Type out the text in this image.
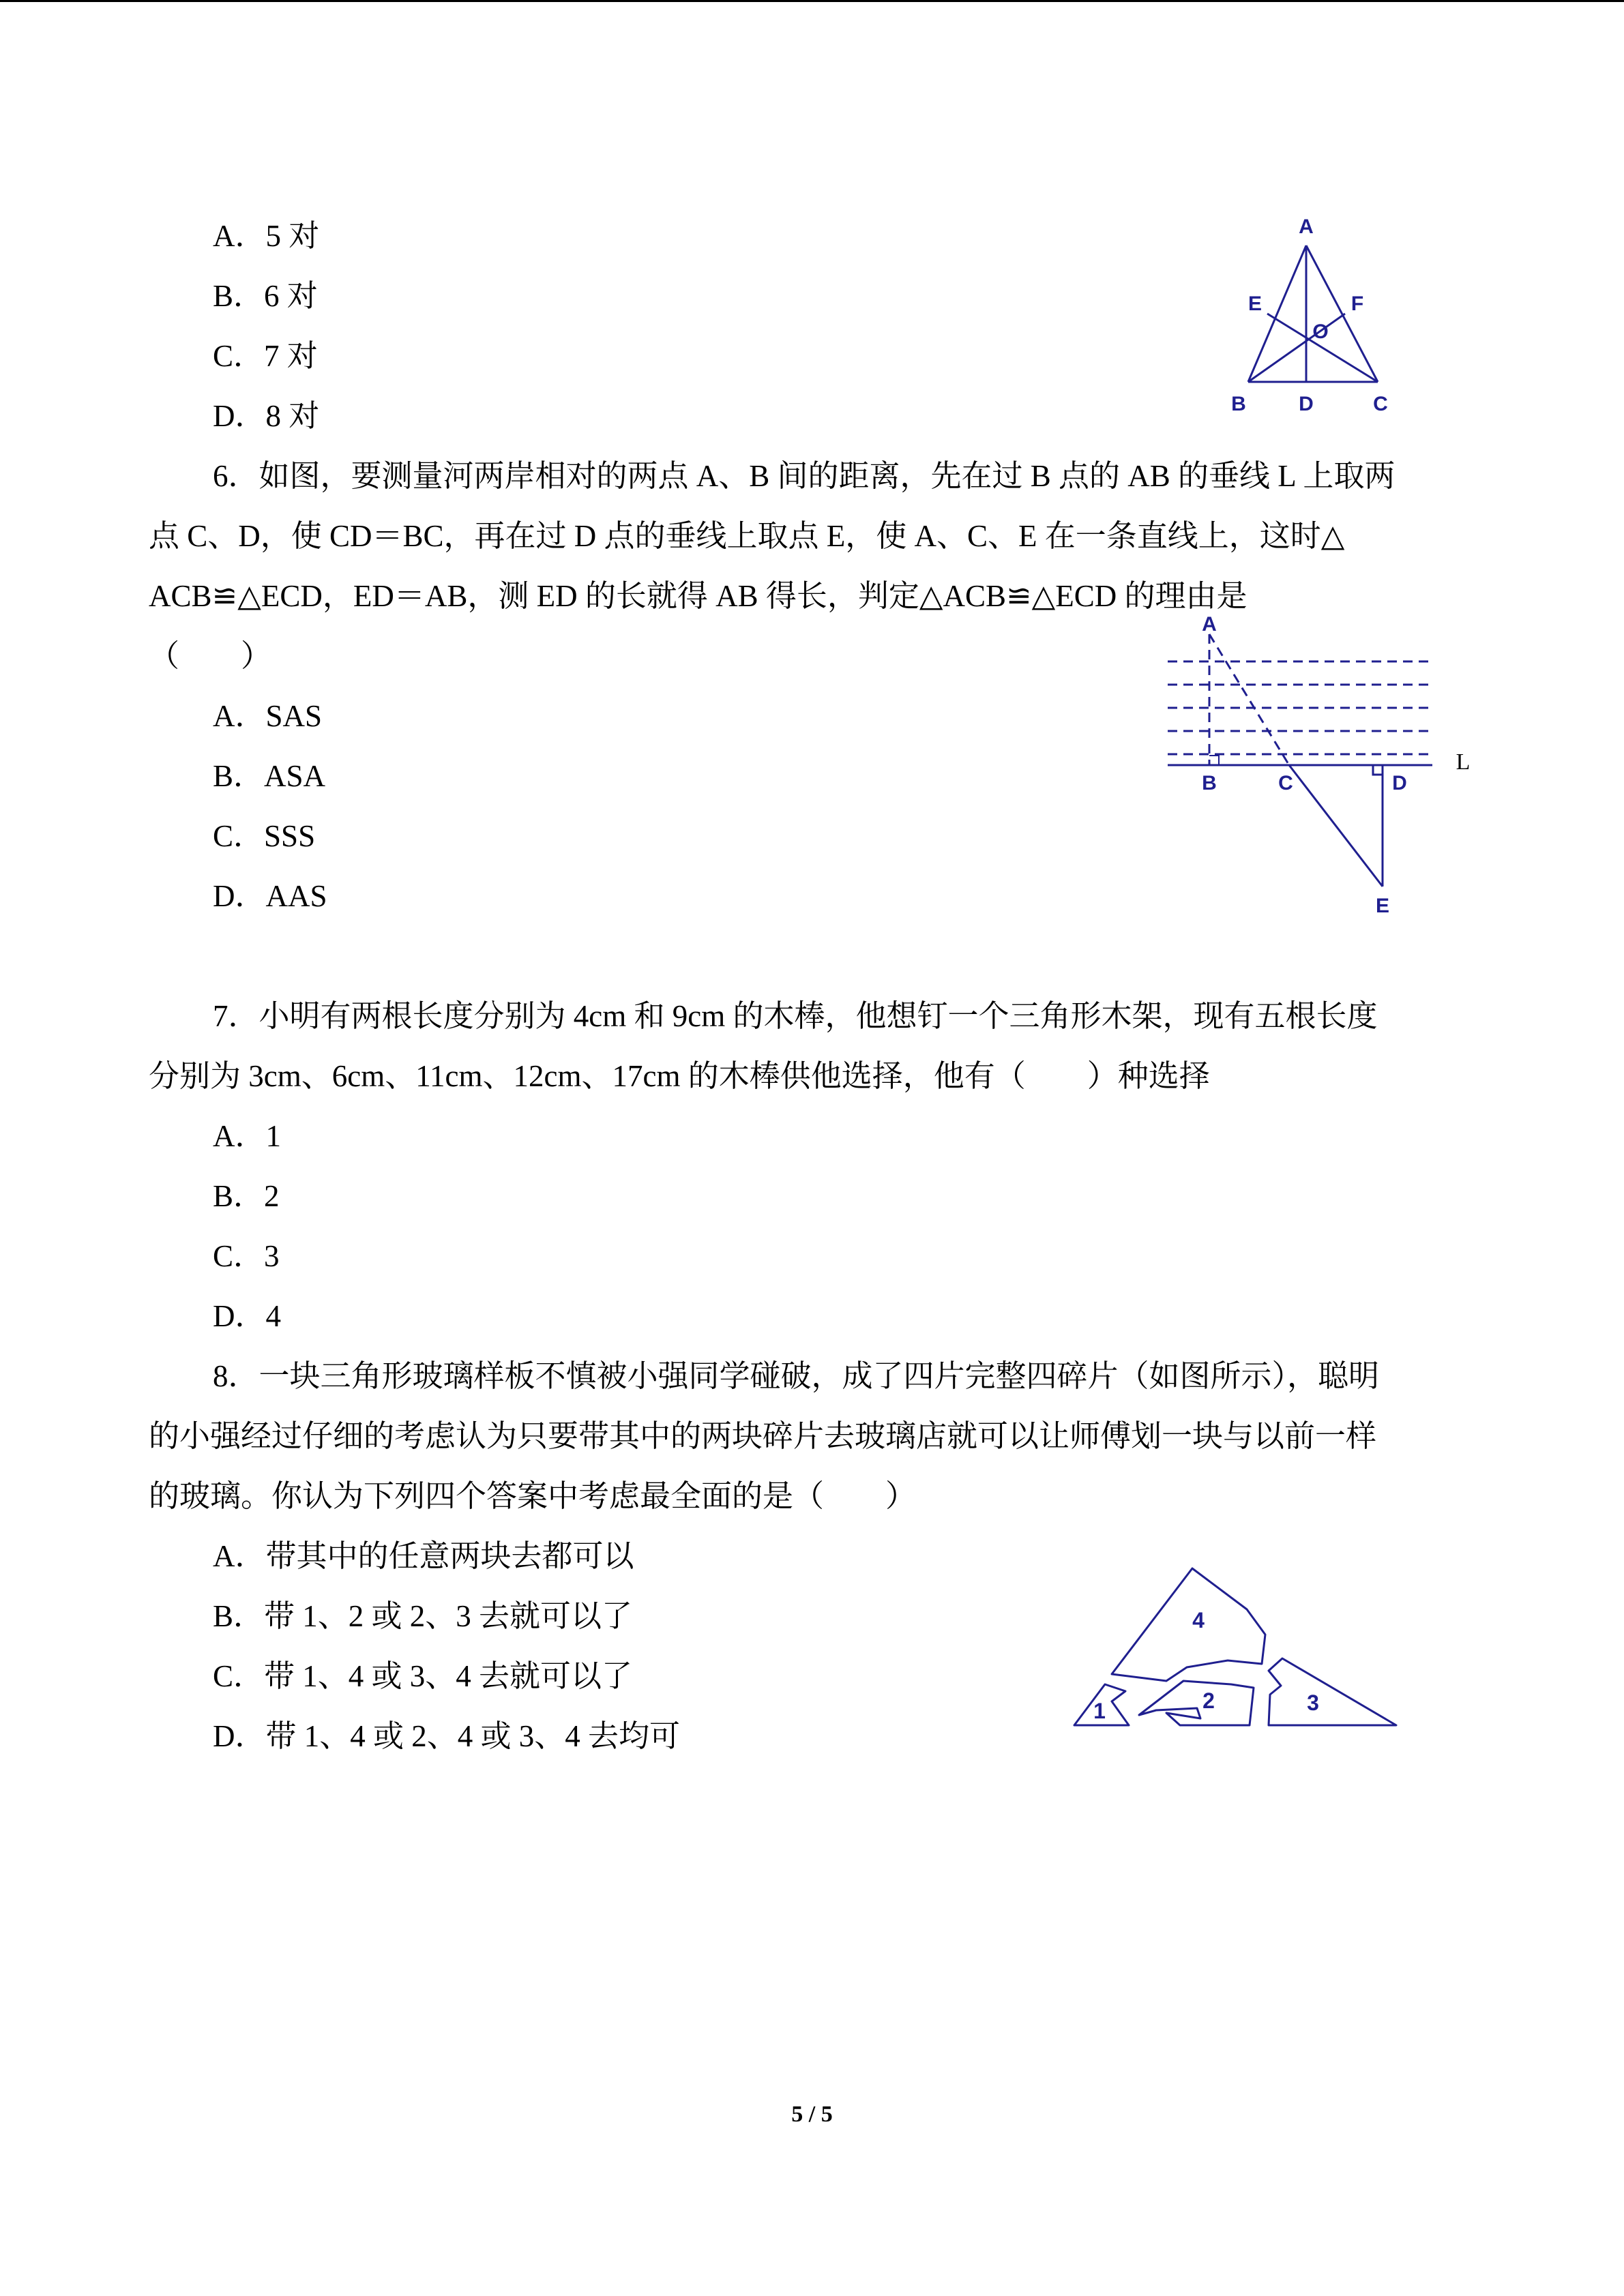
A．5 对
B．6 对
C．7 对
D．8 对
A
E	F
O
B	D	C
6．如图，要测量河两岸相对的两点 A、B 间的距离，先在过 B 点的 AB 的垂线 L 上取两
点 C、D，使 CD＝BC，再在过 D 点的垂线上取点 E，使 A、C、E 在一条直线上，这时△
ACB≌△ECD，ED＝AB，测 ED 的长就得 AB 得长，判定△ACB≌△ECD 的理由是
（　　）
A．SAS
B．ASA
C．SSS
D．AAS
A
B	C	D
E
L
7．小明有两根长度分别为 4cm 和 9cm 的木棒，他想钉一个三角形木架，现有五根长度
分别为 3cm、6cm、11cm、12cm、17cm 的木棒供他选择，他有（　　）种选择
A．1
B．2
C．3
D．4
8．一块三角形玻璃样板不慎被小强同学碰破，成了四片完整四碎片（如图所示），聪明
的小强经过仔细的考虑认为只要带其中的两块碎片去玻璃店就可以让师傅划一块与以前一样
的玻璃。你认为下列四个答案中考虑最全面的是（　　）
A．带其中的任意两块去都可以
B．带 1、2 或 2、3 去就可以了
C．带 1、4 或 3、4 去就可以了
D．带 1、4 或 2、4 或 3、4 去均可
1	2	3
4
5 / 5
